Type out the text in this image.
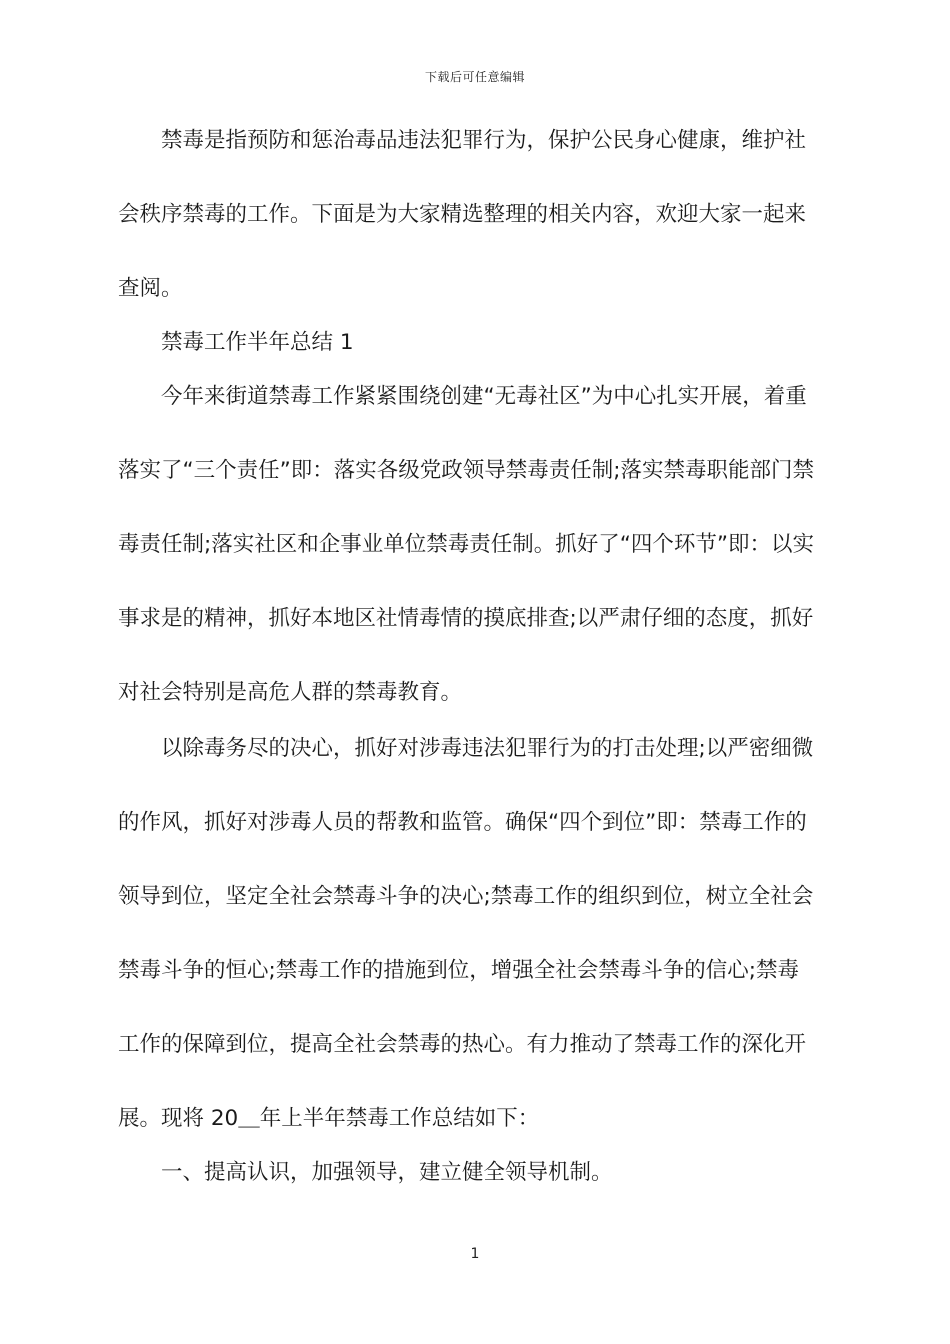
下载后可任意编辑

禁毒是指预防和惩治毒品违法犯罪行为，保护公民身心健康，维护社会秩序禁毒的工作。下面是为大家精选整理的相关内容，欢迎大家一起来查阅。

禁毒工作半年总结 1

今年来街道禁毒工作紧紧围绕创建“无毒社区”为中心扎实开展，着重落实了“三个责任”即：落实各级党政领导禁毒责任制;落实禁毒职能部门禁毒责任制;落实社区和企事业单位禁毒责任制。抓好了“四个环节”即：以实事求是的精神，抓好本地区社情毒情的摸底排查;以严肃仔细的态度，抓好对社会特别是高危人群的禁毒教育。

以除毒务尽的决心，抓好对涉毒违法犯罪行为的打击处理;以严密细微的作风，抓好对涉毒人员的帮教和监管。确保“四个到位”即：禁毒工作的领导到位，坚定全社会禁毒斗争的决心;禁毒工作的组织到位，树立全社会禁毒斗争的恒心;禁毒工作的措施到位，增强全社会禁毒斗争的信心;禁毒工作的保障到位，提高全社会禁毒的热心。有力推动了禁毒工作的深化开展。现将 20＿年上半年禁毒工作总结如下：

一、提高认识，加强领导，建立健全领导机制。

1
